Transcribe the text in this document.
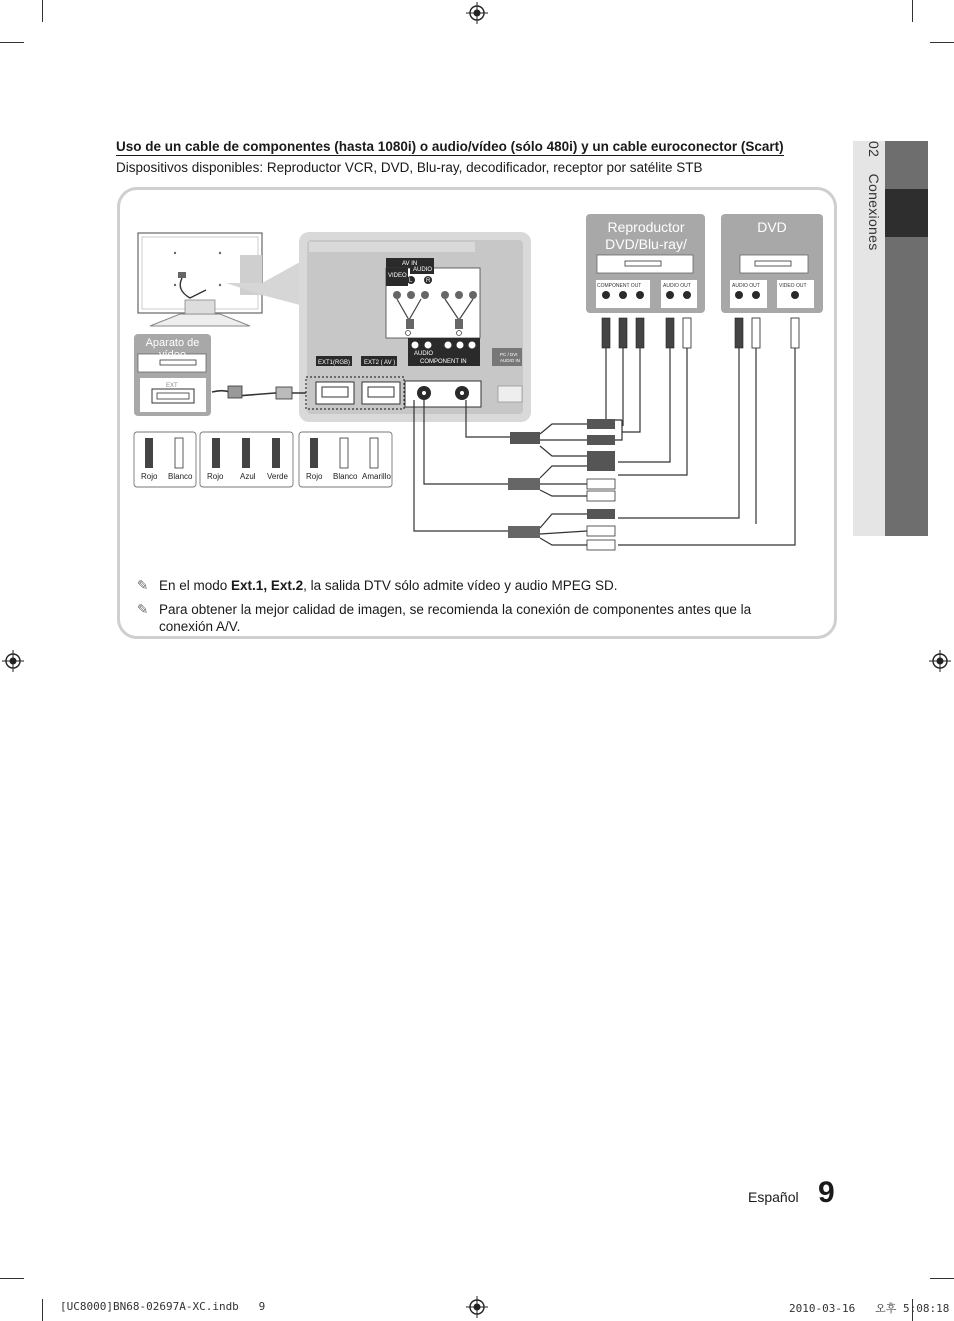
02  Conexiones
Uso de un cable de componentes (hasta 1080i) o audio/vídeo (sólo 480i) y un cable euroconector (Scart)
Dispositivos disponibles: Reproductor VCR, DVD, Blu-ray, decodificador, receptor por satélite STB
AV IN
AUDIO
VIDEO
L R
L R
AUDIO
COMPONENT IN
EXT1(RGB) EXT2 ( AV )
PC / DVI
AUDIO IN
EXT
COMPONENT OUT	AUDIO OUT	AUDIO OUT	VIDEO OUT
Rojo Blanco Rojo Azul Verde Rojo Blanco Amarillo
Aparato de vídeo
Reproductor DVD/Blu-ray/
DVD
✎ En el modo Ext.1, Ext.2, la salida DTV sólo admite vídeo y audio MPEG SD.
✎ Para obtener la mejor calidad de imagen, se recomienda la conexión de componentes antes que la conexión A/V.
Español 9
[UC8000]BN68-02697A-XC.indb   9	2010-03-16   오후 5:08:18
